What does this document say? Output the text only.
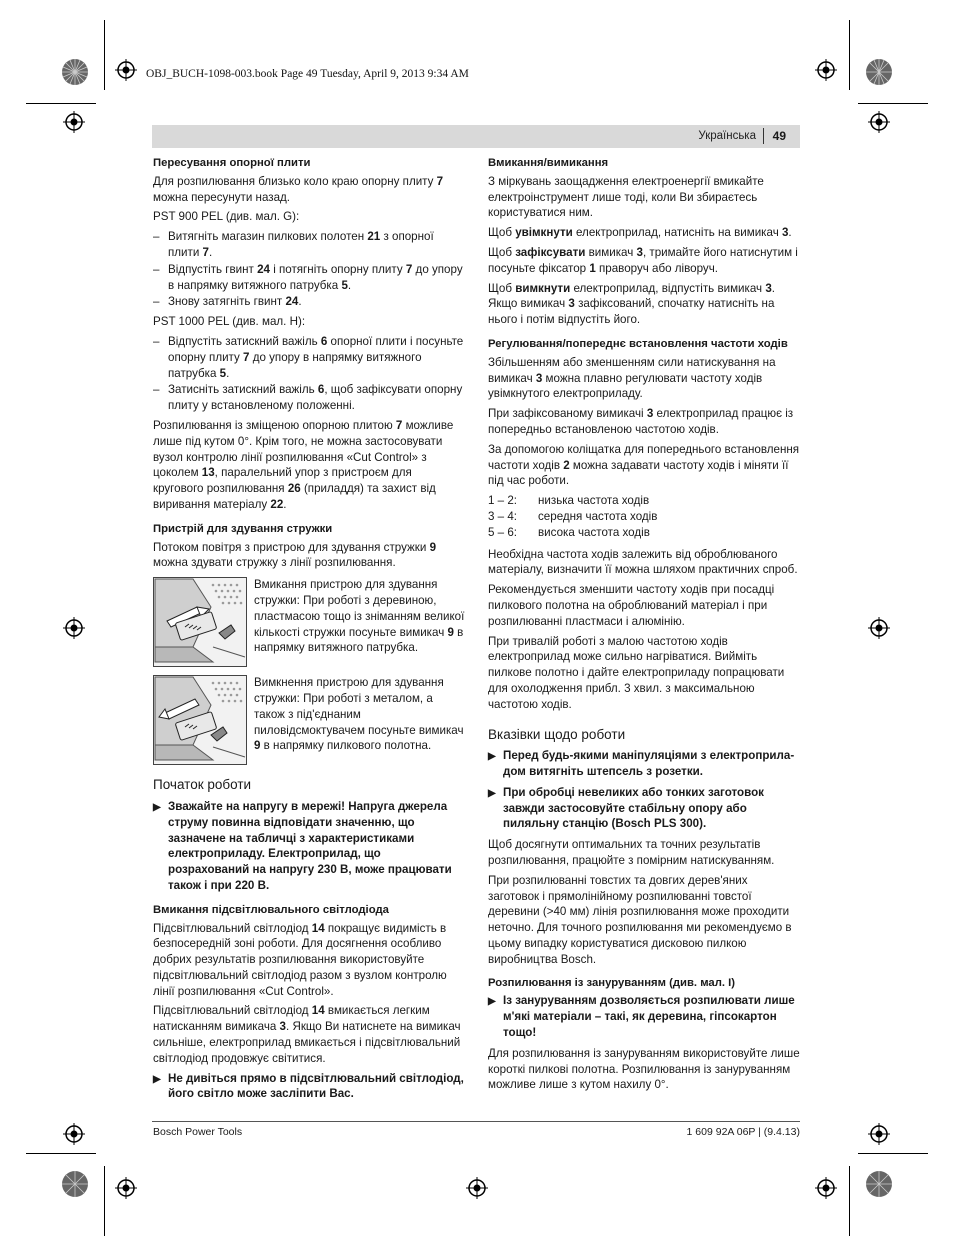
OBJ_BUCH-1098-003.book Page 49 Tuesday, April 9, 2013 9:34 AM
Українська 49
Пересування опорної плити

Для розпилювання близько коло краю опорну плиту 7 можна пересунути назад.

PST 900 PEL (див. мал. G):

– Витягніть магазин пилкових полотен 21 з опорної плити 7.
– Відпустіть гвинт 24 і потягніть опорну плиту 7 до упору в напрямку витяжного патрубка 5.
– Знову затягніть гвинт 24.

PST 1000 PEL (див. мал. H):

– Відпустіть затискний важіль 6 опорної плити і посуньте опорну плиту 7 до упору в напрямку витяжного патрубка 5.
– Затисніть затискний важіль 6, щоб зафіксувати опорну плиту у встановленому положенні.

Розпилювання із зміщеною опорною плитою 7 можливе лише під кутом 0°. Крім того, не можна застосовувати вузол контролю лінії розпилювання «Cut Control» з цоколем 13, паралельний упор з пристроєм для кругового розпилювання 26 (приладдя) та захист від виривання матеріалу 22.

Пристрій для здування стружки

Потоком повітря з пристрою для здування стружки 9 можна здувати стружку з лінії розпилювання.

Вмикання пристрою для здування стружки: При роботі з деревиною, пластмасою тощо із зніманням великої кількості стружки посуньте вимикач 9 в напрямку витяжного патрубка.
Вимкнення пристрою для здування стружки: При роботі з металом, а також з під'єднаним пиловідсмоктувачем посуньте вимикач 9 в напрямку пилкового полотна.
Початок роботи
▶ Зважайте на напругу в мережі! Напруга джерела струму повинна відповідати значенню, що зазначене на табличці з характеристиками електроприладу. Електроприлад, що розрахований на напругу 230 В, може працювати також і при 220 В.
Вмикання підсвітлювального світлодіода

Підсвітлювальний світлодіод 14 покращує видимість в безпосередній зоні роботи. Для досягнення особливо добрих результатів розпилювання використовуйте підсвітлювальний світлодіод разом з вузлом контролю лінії розпилювання «Cut Control».

Підсвітлювальний світлодіод 14 вмикається легким натисканням вимикача 3. Якщо Ви натиснете на вимикач сильніше, електроприлад вмикається і підсвітлювальний світлодіод продовжує світитися.

▶ Не дивіться прямо в підсвітлювальний світлодіод, його світло може засліпити Вас.
Вмикання/вимикання

З міркувань заощадження електроенергії вмикайте електроінструмент лише тоді, коли Ви збираєтесь користуватися ним.

Щоб увімкнути електроприлад, натисніть на вимикач 3.

Щоб зафіксувати вимикач 3, тримайте його натиснутим і посуньте фіксатор 1 праворуч або ліворуч.

Щоб вимкнути електроприлад, відпустіть вимикач 3. Якщо вимикач 3 зафіксований, спочатку натисніть на нього і потім відпустіть його.

Регулювання/попереднє встановлення частоти ходів

Збільшенням або зменшенням сили натискування на вимикач 3 можна плавно регулювати частоту ходів увімкнутого електроприладу.

При зафіксованому вимикачі 3 електроприлад працює із попередньо встановленою частотою ходів.

За допомогою коліщатка для попереднього встановлення частоти ходів 2 можна задавати частоту ходів і міняти її під час роботи.

1 – 2:	низька частота ходів
3 – 4:	середня частота ходів
5 – 6:	висока частота ходів

Необхідна частота ходів залежить від оброблюваного матеріалу, визначити її можна шляхом практичних спроб.

Рекомендується зменшити частоту ходів при посадці пилкового полотна на оброблюваний матеріал і при розпилюванні пластмаси і алюмінію.

При тривалій роботі з малою частотою ходів електроприлад може сильно нагріватися. Вийміть пилкове полотно і дайте електроприладу попрацювати для охолодження прибл. 3 хвил. з максимальною частотою ходів.

Вказівки щодо роботи
▶ Перед будь-якими маніпуляціями з електроприла-дом витягніть штепсель з розетки.
▶ При обробці невеликих або тонких заготовок завжди застосовуйте стабільну опору або пиляльну станцію (Bosch PLS 300).

Щоб досягнути оптимальних та точних результатів розпилювання, працюйте з помірним натискуванням.

При розпилюванні товстих та довгих дерев'яних заготовок і прямолінійному розпилюванні товстої деревини (>40 мм) лінія розпилювання може проходити неточно. Для точного розпилювання ми рекомендуємо в цьому випадку користуватися дисковою пилкою виробництва Bosch.

Розпилювання із зануруванням (див. мал. I)
▶ Із зануруванням дозволяється розпилювати лише м'які матеріали – такі, як деревина, гіпсокартон тощо!

Для розпилювання із зануруванням використовуйте лише короткі пилкові полотна. Розпилювання із зануруванням можливе лише з кутом нахилу 0°.

Bosch Power Tools	1 609 92A 06P | (9.4.13)
